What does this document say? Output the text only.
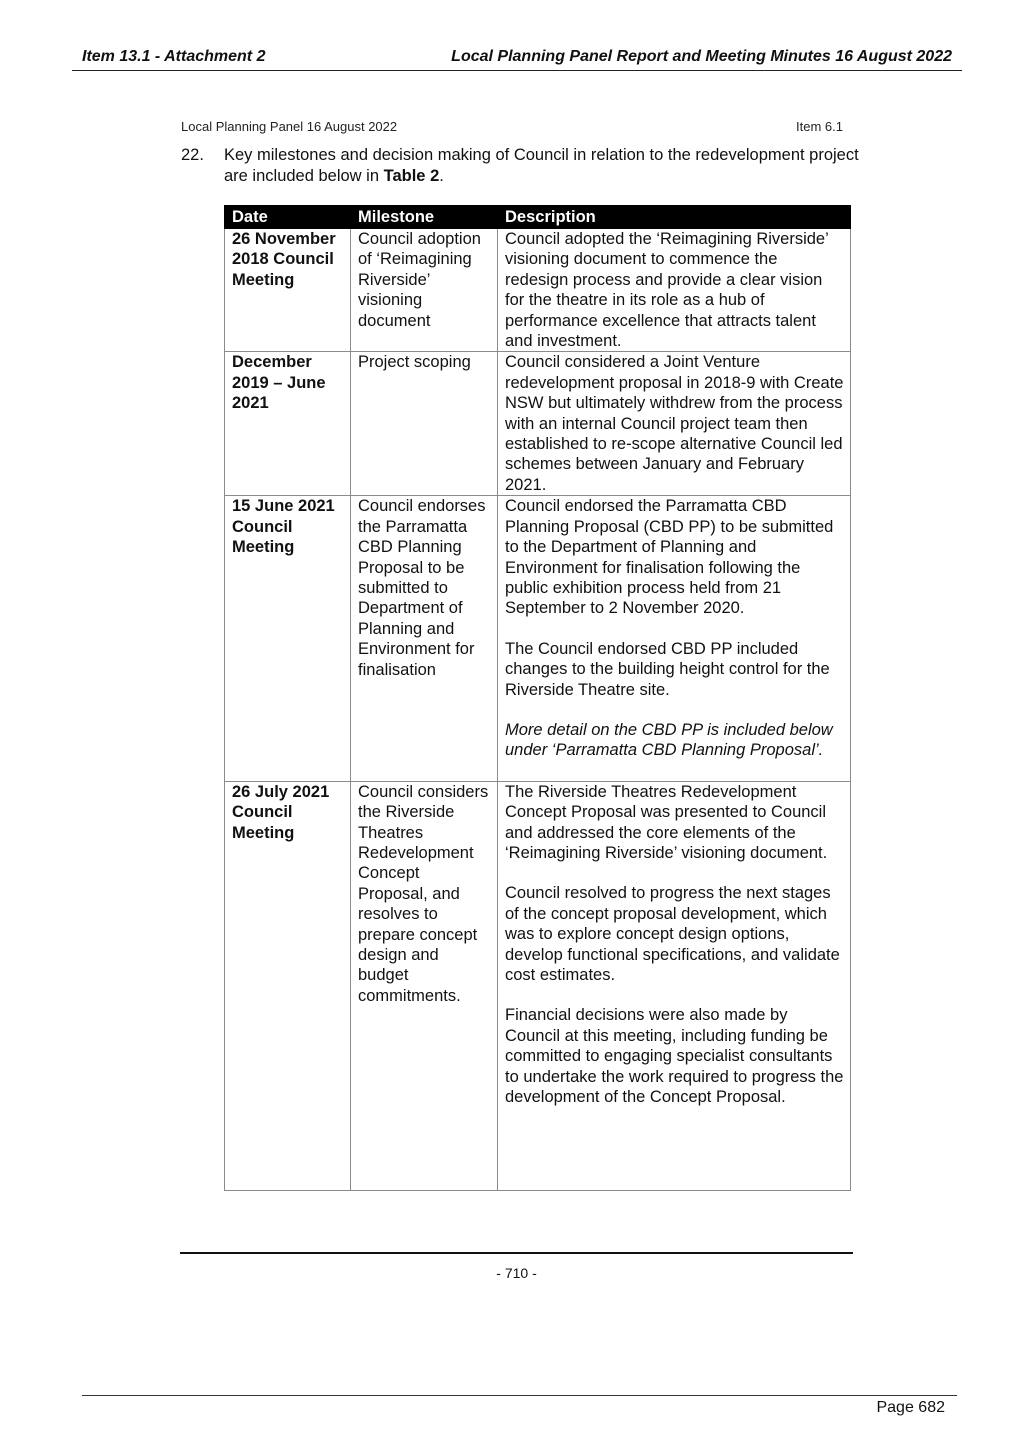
Item 13.1 - Attachment 2	Local Planning Panel Report and Meeting Minutes 16 August 2022
Local Planning Panel 16 August 2022	Item 6.1
22. Key milestones and decision making of Council in relation to the redevelopment project are included below in Table 2.
Date	Milestone	Description
26 November 2018 Council Meeting	Council adoption of ‘Reimagining Riverside’ visioning document	Council adopted the ‘Reimagining Riverside’ visioning document to commence the redesign process and provide a clear vision for the theatre in its role as a hub of performance excellence that attracts talent and investment.

December 2019 – June 2021	Project scoping	Council considered a Joint Venture redevelopment proposal in 2018-9 with Create NSW but ultimately withdrew from the process with an internal Council project team then established to re-scope alternative Council led schemes between January and February 2021.

15 June 2021 Council Meeting	Council endorses the Parramatta CBD Planning Proposal to be submitted to Department of Planning and Environment for finalisation	Council endorsed the Parramatta CBD Planning Proposal (CBD PP) to be submitted to the Department of Planning and Environment for finalisation following the public exhibition process held from 21 September to 2 November 2020.
The Council endorsed CBD PP included changes to the building height control for the Riverside Theatre site.
More detail on the CBD PP is included below under ‘Parramatta CBD Planning Proposal’.

26 July 2021 Council Meeting	Council considers the Riverside Theatres Redevelopment Concept Proposal, and resolves to prepare concept design and budget commitments.	The Riverside Theatres Redevelopment Concept Proposal was presented to Council and addressed the core elements of the ‘Reimagining Riverside’ visioning document.
Council resolved to progress the next stages of the concept proposal development, which was to explore concept design options, develop functional specifications, and validate cost estimates.
Financial decisions were also made by Council at this meeting, including funding be committed to engaging specialist consultants to undertake the work required to progress the development of the Concept Proposal.
- 710 -
Page 682
